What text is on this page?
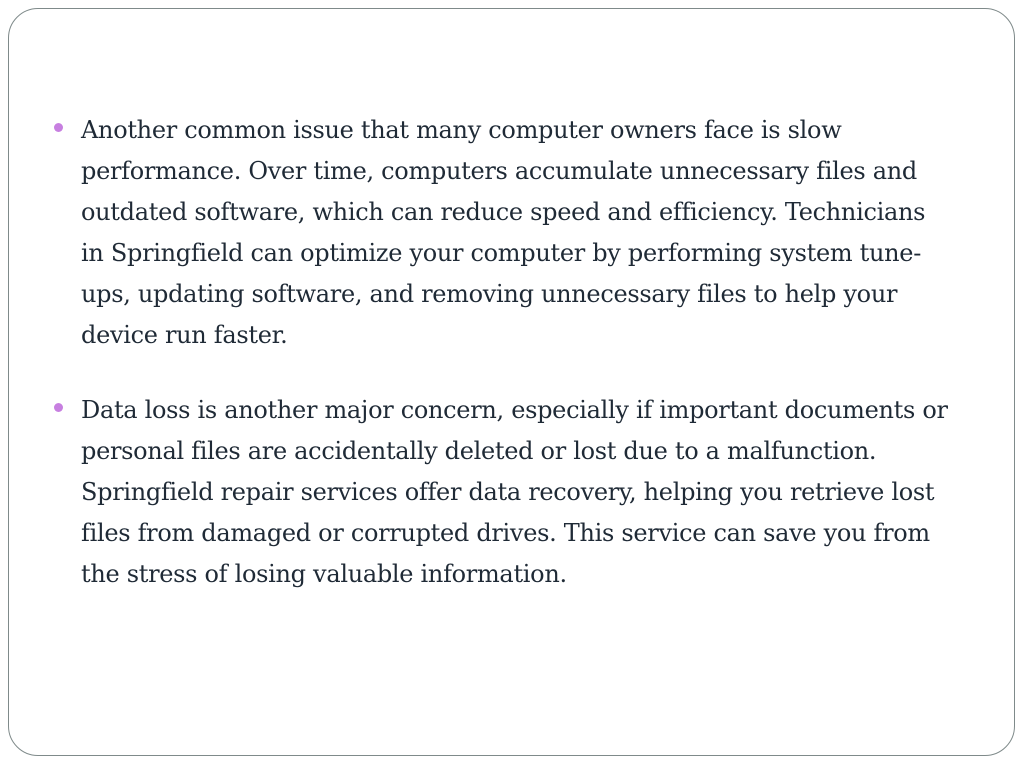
Another common issue that many computer owners face is slow performance. Over time, computers accumulate unnecessary files and outdated software, which can reduce speed and efficiency. Technicians in Springfield can optimize your computer by performing system tune-ups, updating software, and removing unnecessary files to help your device run faster.
Data loss is another major concern, especially if important documents or personal files are accidentally deleted or lost due to a malfunction. Springfield repair services offer data recovery, helping you retrieve lost files from damaged or corrupted drives. This service can save you from the stress of losing valuable information.
